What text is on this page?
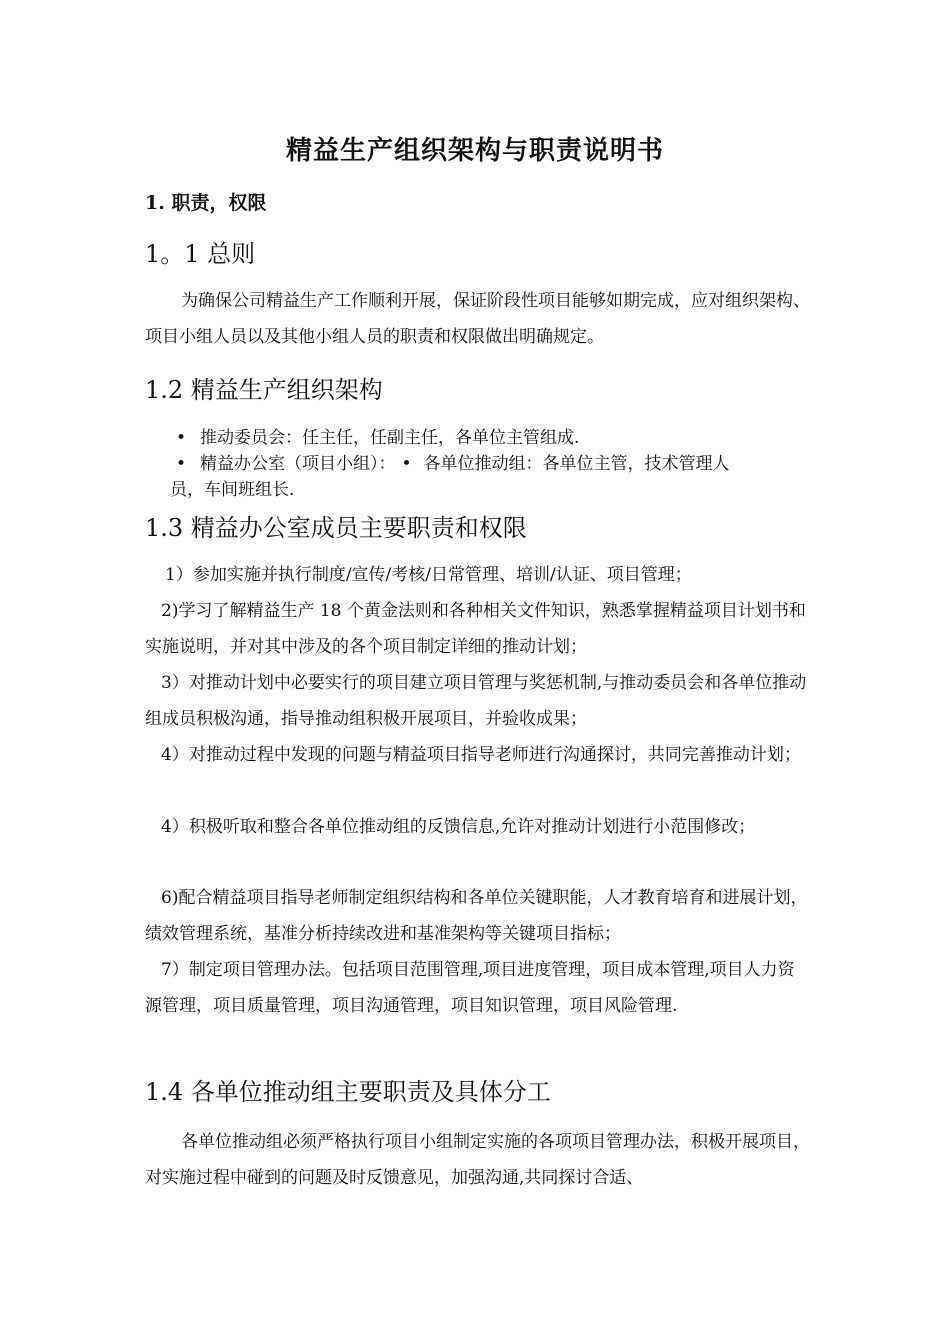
精益生产组织架构与职责说明书
1. 职责，权限
1。1 总则

为确保公司精益生产工作顺利开展，保证阶段性项目能够如期完成，应对组织架构、项目小组人员以及其他小组人员的职责和权限做出明确规定。

1.2 精益生产组织架构
• 推动委员会：任主任，任副主任，各单位主管组成.
• 精益办公室（项目小组）： • 各单位推动组：各单位主管，技术管理人
员，车间班组长.
1.3 精益办公室成员主要职责和权限

1）参加实施并执行制度/宣传/考核/日常管理、培训/认证、项目管理；

2)学习了解精益生产 18 个黄金法则和各种相关文件知识，熟悉掌握精益项目计划书和实施说明，并对其中涉及的各个项目制定详细的推动计划；

3）对推动计划中必要实行的项目建立项目管理与奖惩机制,与推动委员会和各单位推动组成员积极沟通，指导推动组积极开展项目，并验收成果；

4）对推动过程中发现的问题与精益项目指导老师进行沟通探讨，共同完善推动计划；

4）积极听取和整合各单位推动组的反馈信息,允许对推动计划进行小范围修改；

6)配合精益项目指导老师制定组织结构和各单位关键职能，人才教育培育和进展计划，绩效管理系统，基准分析持续改进和基准架构等关键项目指标；

7）制定项目管理办法。包括项目范围管理,项目进度管理，项目成本管理,项目人力资源管理，项目质量管理，项目沟通管理，项目知识管理，项目风险管理.

1.4 各单位推动组主要职责及具体分工

各单位推动组必须严格执行项目小组制定实施的各项项目管理办法，积极开展项目，对实施过程中碰到的问题及时反馈意见，加强沟通,共同探讨合适、
